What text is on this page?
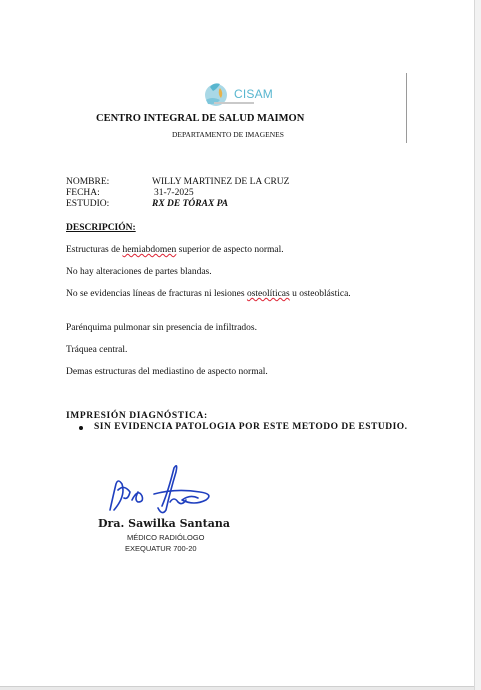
CISAM
CENTRO INTEGRAL DE SALUD MAIMON
DEPARTAMENTO DE IMAGENES
NOMBRE:	WILLY MARTINEZ DE LA CRUZ
FECHA:	31-7-2025
ESTUDIO:	RX DE TÓRAX PA
DESCRIPCIÓN:
Estructuras de hemiabdomen superior de aspecto normal.
No hay alteraciones de partes blandas.
No se evidencias líneas de fracturas ni lesiones osteolíticas u osteoblástica.
Parénquima pulmonar sin presencia de infiltrados.
Tráquea central.
Demas estructuras del mediastino de aspecto normal.
IMPRESIÓN DIAGNÓSTICA:
SIN EVIDENCIA PATOLOGIA POR ESTE METODO DE ESTUDIO.
Dra. Sawilka Santana
MÉDICO RADIÓLOGO
EXEQUATUR 700-20
